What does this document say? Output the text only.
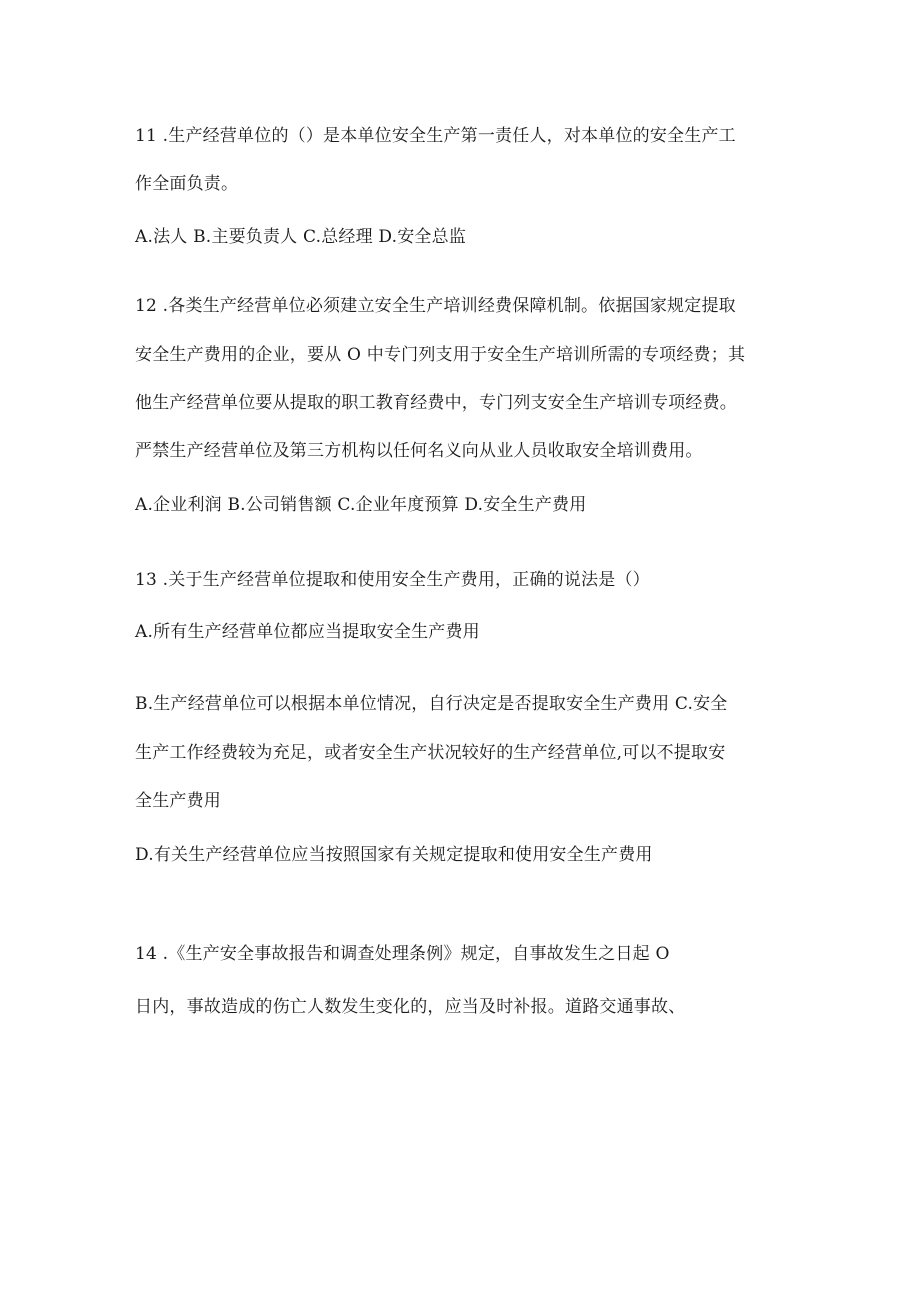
11 .生产经营单位的（）是本单位安全生产第一责任人，对本单位的安全生产工
作全面负责。
A.法人 B.主要负责人 C.总经理 D.安全总监
12 .各类生产经营单位必须建立安全生产培训经费保障机制。依据国家规定提取
安全生产费用的企业，要从 O 中专门列支用于安全生产培训所需的专项经费；其
他生产经营单位要从提取的职工教育经费中，专门列支安全生产培训专项经费。
严禁生产经营单位及第三方机构以任何名义向从业人员收取安全培训费用。
A.企业利润 B.公司销售额 C.企业年度预算 D.安全生产费用
13 .关于生产经营单位提取和使用安全生产费用，正确的说法是（）
A.所有生产经营单位都应当提取安全生产费用
B.生产经营单位可以根据本单位情况，自行决定是否提取安全生产费用 C.安全
生产工作经费较为充足，或者安全生产状况较好的生产经营单位,可以不提取安
全生产费用
D.有关生产经营单位应当按照国家有关规定提取和使用安全生产费用
14 .《生产安全事故报告和调查处理条例》规定，自事故发生之日起 O
日内，事故造成的伤亡人数发生变化的，应当及时补报。道路交通事故、
